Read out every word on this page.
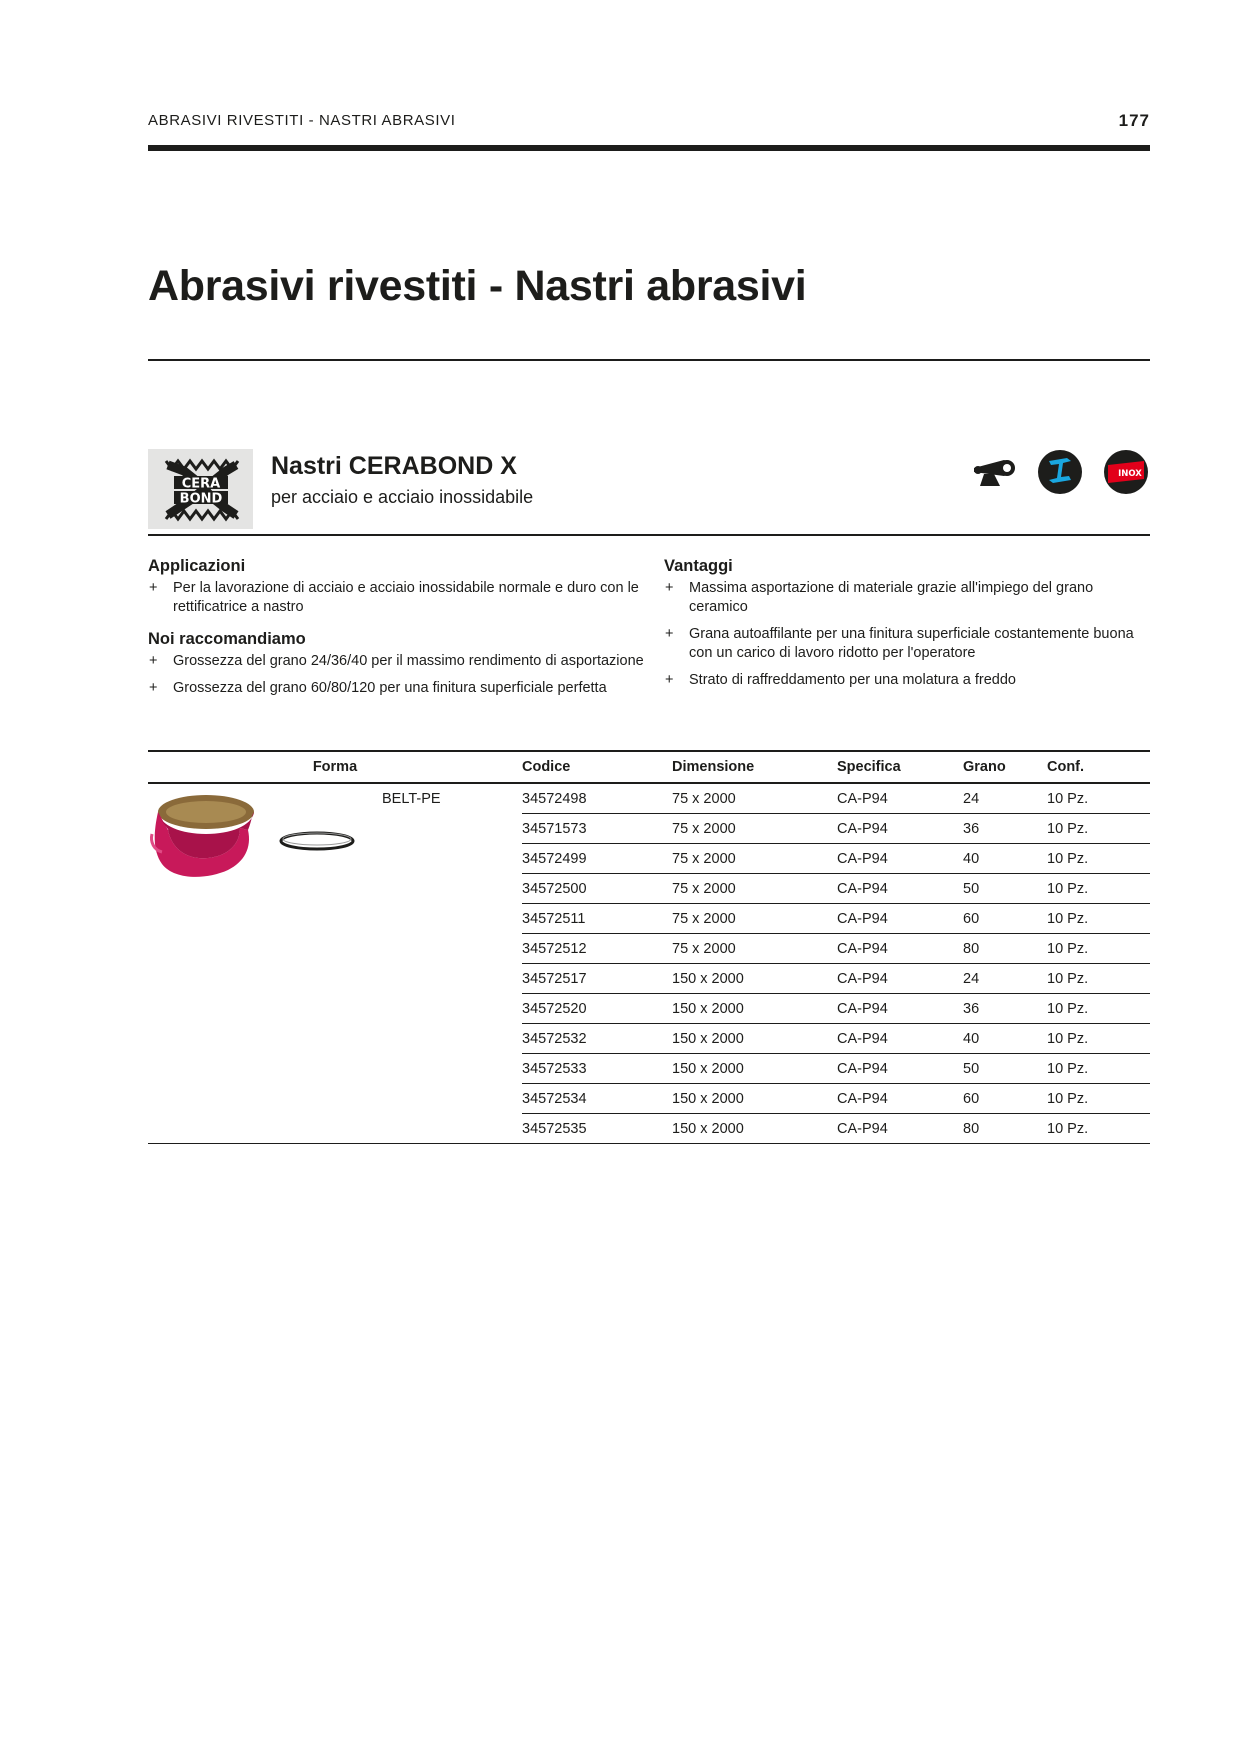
ABRASIVI RIVESTITI - NASTRI ABRASIVI	177
Abrasivi rivestiti - Nastri abrasivi
CERA
BOND
Nastri CERABOND X
per acciaio e acciaio inossidabile
INOX
Applicazioni
+ Per la lavorazione di acciaio e acciaio inossidabile normale e duro con le rettificatrice a nastro
Noi raccomandiamo
+ Grossezza del grano 24/36/40 per il massimo rendimento di asportazione
+ Grossezza del grano 60/80/120 per una finitura superficiale perfetta
Vantaggi
+ Massima asportazione di materiale grazie all'impiego del grano ceramico
+ Grana autoaffilante per una finitura superficiale costantemente buona con un carico di lavoro ridotto per l'operatore
+ Strato di raffreddamento per una molatura a freddo
Forma	Codice	Dimensione	Specifica	Grano	Conf.

BELT-PE	34572498	75 x 2000	CA-P94	24	10 Pz.
	34571573	75 x 2000	CA-P94	36	10 Pz.
	34572499	75 x 2000	CA-P94	40	10 Pz.
	34572500	75 x 2000	CA-P94	50	10 Pz.
	34572511	75 x 2000	CA-P94	60	10 Pz.
	34572512	75 x 2000	CA-P94	80	10 Pz.
	34572517	150 x 2000	CA-P94	24	10 Pz.
	34572520	150 x 2000	CA-P94	36	10 Pz.
	34572532	150 x 2000	CA-P94	40	10 Pz.
	34572533	150 x 2000	CA-P94	50	10 Pz.
	34572534	150 x 2000	CA-P94	60	10 Pz.
	34572535	150 x 2000	CA-P94	80	10 Pz.
